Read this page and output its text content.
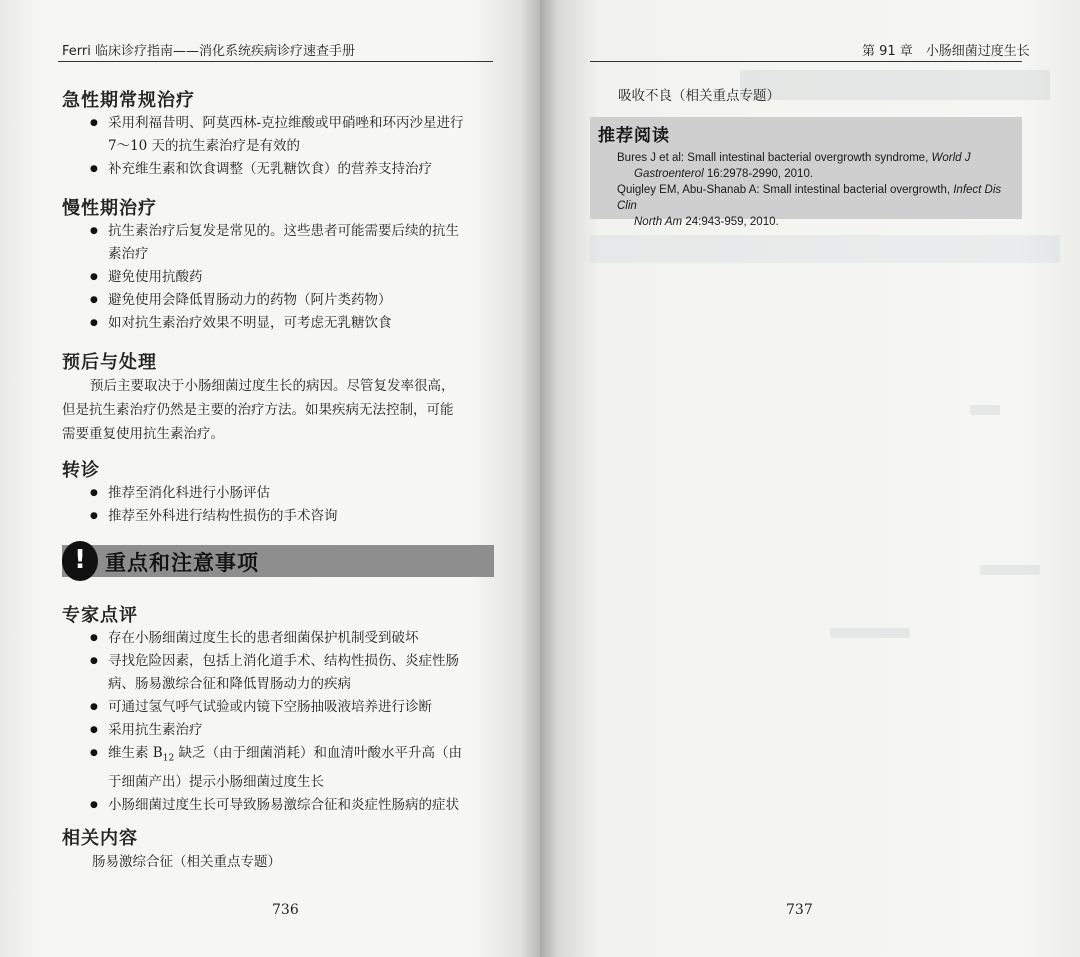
Ferri 临床诊疗指南——消化系统疾病诊疗速查手册
急性期常规治疗
● 采用利福昔明、阿莫西林-克拉维酸或甲硝唑和环丙沙星进行
7～10 天的抗生素治疗是有效的
● 补充维生素和饮食调整（无乳糖饮食）的营养支持治疗
慢性期治疗
● 抗生素治疗后复发是常见的。这些患者可能需要后续的抗生
素治疗
● 避免使用抗酸药
● 避免使用会降低胃肠动力的药物（阿片类药物）
● 如对抗生素治疗效果不明显，可考虑无乳糖饮食
预后与处理
预后主要取决于小肠细菌过度生长的病因。尽管复发率很高，
但是抗生素治疗仍然是主要的治疗方法。如果疾病无法控制，可能
需要重复使用抗生素治疗。
转诊
● 推荐至消化科进行小肠评估
● 推荐至外科进行结构性损伤的手术咨询
! 重点和注意事项
专家点评
● 存在小肠细菌过度生长的患者细菌保护机制受到破坏
● 寻找危险因素，包括上消化道手术、结构性损伤、炎症性肠
病、肠易激综合征和降低胃肠动力的疾病
● 可通过氢气呼气试验或内镜下空肠抽吸液培养进行诊断
● 采用抗生素治疗
● 维生素 $B_{12}$ 缺乏（由于细菌消耗）和血清叶酸水平升高（由
于细菌产出）提示小肠细菌过度生长
● 小肠细菌过度生长可导致肠易激综合征和炎症性肠病的症状
相关内容
肠易激综合征（相关重点专题）
736
第 91 章　小肠细菌过度生长
吸收不良（相关重点专题）
推荐阅读
Bures J et al: Small intestinal bacterial overgrowth syndrome, World J
Gastroenterol 16:2978-2990, 2010.
Quigley EM, Abu-Shanab A: Small intestinal bacterial overgrowth, Infect Dis Clin
North Am 24:943-959, 2010.
737
